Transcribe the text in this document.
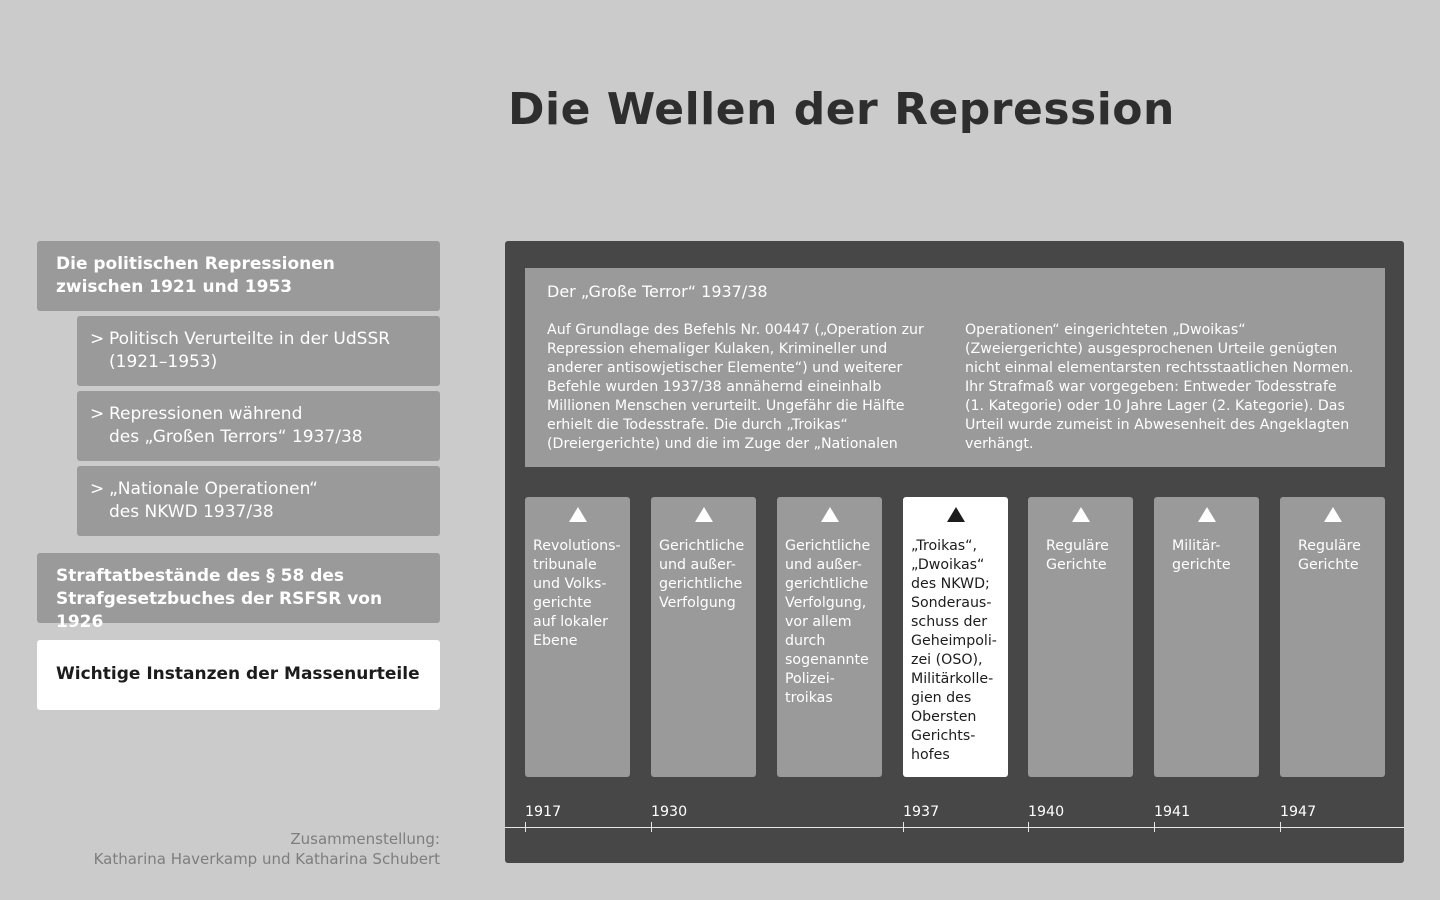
Die Wellen der Repression
Die politischen Repressionen
zwischen 1921 und 1953
> Politisch Verurteilte in der UdSSR
(1921–1953)
> Repressionen während
des „Großen Terrors“ 1937/38
> „Nationale Operationen“
des NKWD 1937/38
Straftatbestände des § 58 des
Strafgesetzbuches der RSFSR von 1926
Wichtige Instanzen der Massenurteile
Zusammenstellung:
Katharina Haverkamp und Katharina Schubert
Der „Große Terror“ 1937/38
Auf Grundlage des Befehls Nr. 00447 („Operation zur Repression ehemaliger Kulaken, Krimineller und anderer antisowjetischer Elemente“) und weiterer Befehle wurden 1937/38 annähernd eineinhalb Millionen Menschen verurteilt. Ungefähr die Hälfte erhielt die Todesstrafe. Die durch „Troikas“ (Dreiergerichte) und die im Zuge der „Nationalen
Operationen“ eingerichteten „Dwoikas“ (Zweiergerichte) ausgesprochenen Urteile genügten nicht einmal elementarsten rechtsstaatlichen Normen. Ihr Strafmaß war vorgegeben: Entweder Todesstrafe (1. Kategorie) oder 10 Jahre Lager (2. Kategorie). Das Urteil wurde zumeist in Abwesenheit des Angeklagten verhängt.
Revolutions-
tribunale
und Volks-
gerichte
auf lokaler
Ebene
Gerichtliche
und außer-
gerichtliche
Verfolgung
Gerichtliche
und außer-
gerichtliche
Verfolgung,
vor allem
durch
sogenannte
Polizei-
troikas
„Troikas“,
„Dwoikas“
des NKWD;
Sonderaus-
schuss der
Geheimpoli-
zei (OSO),
Militärkolle-
gien des
Obersten
Gerichts-
hofes
Reguläre
Gerichte
Militär-
gerichte
Reguläre
Gerichte
1917	1930	1937	1940	1941	1947
